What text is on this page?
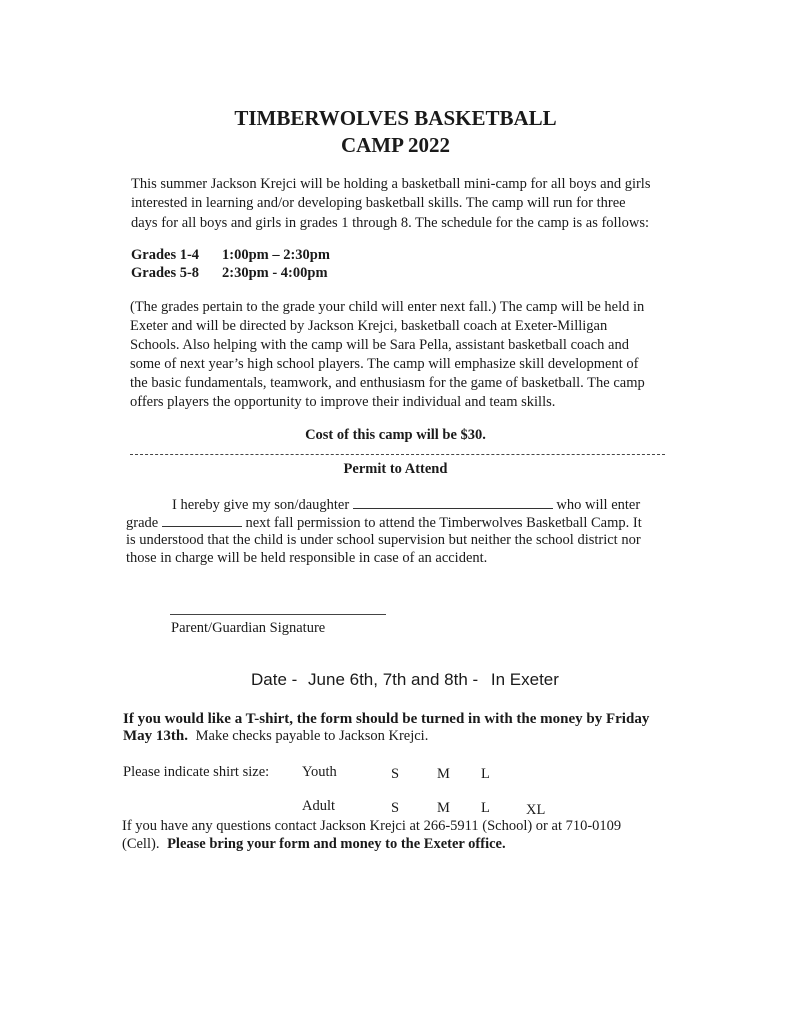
TIMBERWOLVES BASKETBALL
CAMP 2022
This summer Jackson Krejci will be holding a basketball mini-camp for all boys and girls
interested in learning and/or developing basketball skills. The camp will run for three
days for all boys and girls in grades 1 through 8. The schedule for the camp is as follows:
Grades 1-4 1:00pm – 2:30pm
Grades 5-8 2:30pm - 4:00pm
(The grades pertain to the grade your child will enter next fall.) The camp will be held in
Exeter and will be directed by Jackson Krejci, basketball coach at Exeter-Milligan
Schools. Also helping with the camp will be Sara Pella, assistant basketball coach and
some of next year’s high school players. The camp will emphasize skill development of
the basic fundamentals, teamwork, and enthusiasm for the game of basketball. The camp
offers players the opportunity to improve their individual and team skills.
Cost of this camp will be $30.
Permit to Attend
I hereby give my son/daughter	who will enter
grade	next fall permission to attend the Timberwolves Basketball Camp. It
is understood that the child is under school supervision but neither the school district nor
those in charge will be held responsible in case of an accident.
Parent/Guardian Signature
Date - June 6th, 7th and 8th - In Exeter
If you would like a T-shirt, the form should be turned in with the money by Friday
May 13th. Make checks payable to Jackson Krejci.
Please indicate shirt size: Youth	S	M L
Adult	S	M L XL
If you have any questions contact Jackson Krejci at 266-5911 (School) or at 710-0109
(Cell). Please bring your form and money to the Exeter office.
